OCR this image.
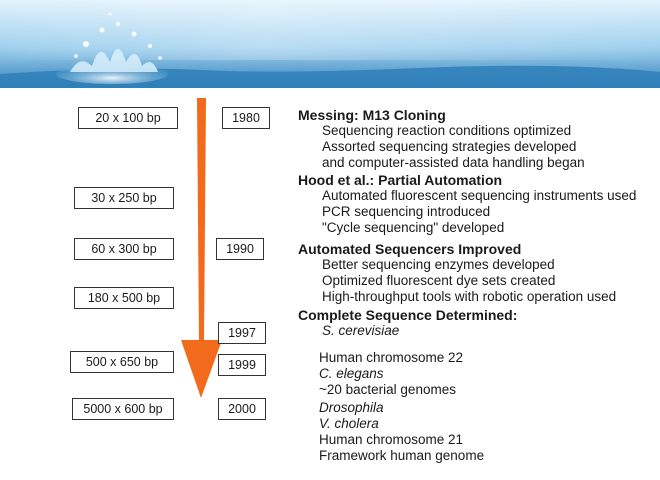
20 x 100 bp
30 x 250 bp
60 x 300 bp
180 x 500 bp
500 x 650 bp
5000 x 600 bp
1980
1990
1997
1999
2000
Messing: M13 Cloning
Sequencing reaction conditions optimized
Assorted sequencing strategies developed
and computer-assisted data handling began
Hood et al.: Partial Automation
Automated fluorescent sequencing instruments used
PCR sequencing introduced
"Cycle sequencing" developed
Automated Sequencers Improved
Better sequencing enzymes developed
Optimized fluorescent dye sets created
High-throughput tools with robotic operation used
Complete Sequence Determined:
S. cerevisiae
Human chromosome 22
C. elegans
~20 bacterial genomes
Drosophila
V. cholera
Human chromosome 21
Framework human genome
